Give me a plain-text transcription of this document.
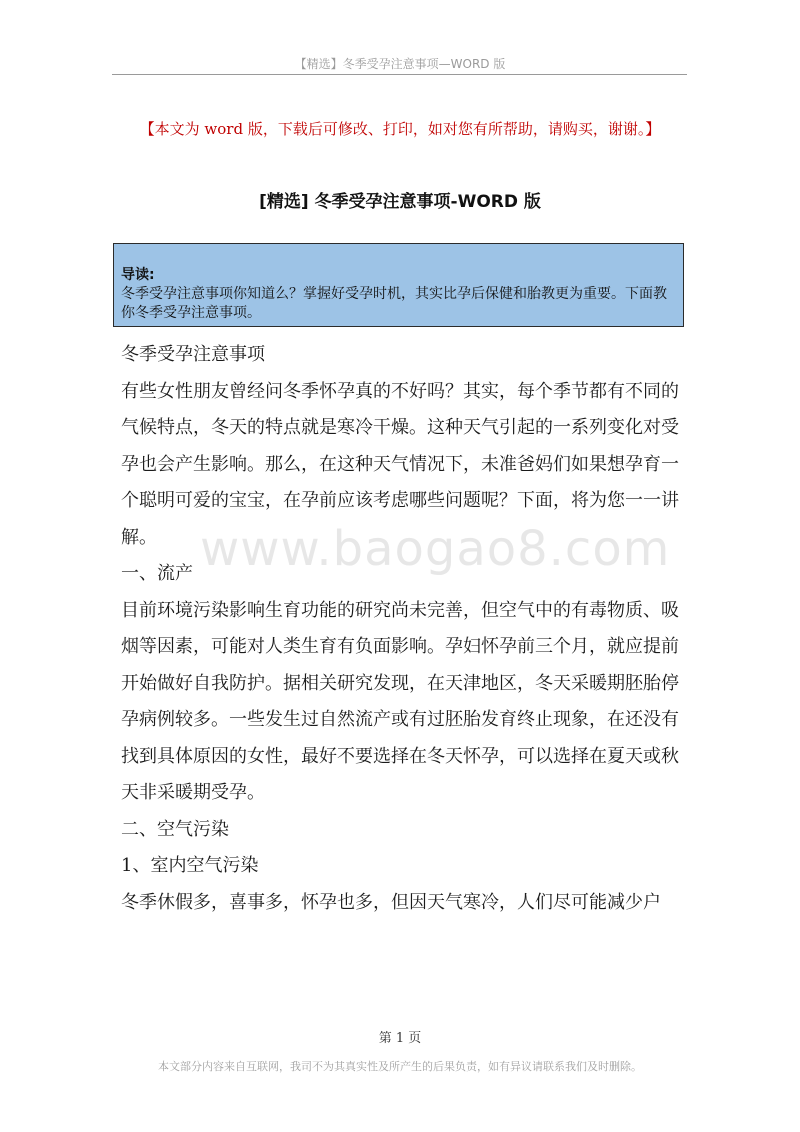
【精选】冬季受孕注意事项—WORD 版
【本文为 word 版，下载后可修改、打印，如对您有所帮助，请购买，谢谢。】
[精选] 冬季受孕注意事项-WORD 版
导读:
冬季受孕注意事项你知道么？掌握好受孕时机，其实比孕后保健和胎教更为重要。下面教你冬季受孕注意事项。

冬季受孕注意事项

有些女性朋友曾经问冬季怀孕真的不好吗？其实，每个季节都有不同的气候特点，冬天的特点就是寒冷干燥。这种天气引起的一系列变化对受孕也会产生影响。那么，在这种天气情况下，未准爸妈们如果想孕育一个聪明可爱的宝宝，在孕前应该考虑哪些问题呢？下面，将为您一一讲解。

一、流产

目前环境污染影响生育功能的研究尚未完善，但空气中的有毒物质、吸烟等因素，可能对人类生育有负面影响。孕妇怀孕前三个月，就应提前开始做好自我防护。据相关研究发现，在天津地区，冬天采暖期胚胎停孕病例较多。一些发生过自然流产或有过胚胎发育终止现象，在还没有找到具体原因的女性，最好不要选择在冬天怀孕，可以选择在夏天或秋天非采暖期受孕。

二、空气污染

1、室内空气污染

冬季休假多，喜事多，怀孕也多，但因天气寒冷，人们尽可能减少户

www.baogao8.com
第 1 页
本文部分内容来自互联网，我司不为其真实性及所产生的后果负责，如有异议请联系我们及时删除。
